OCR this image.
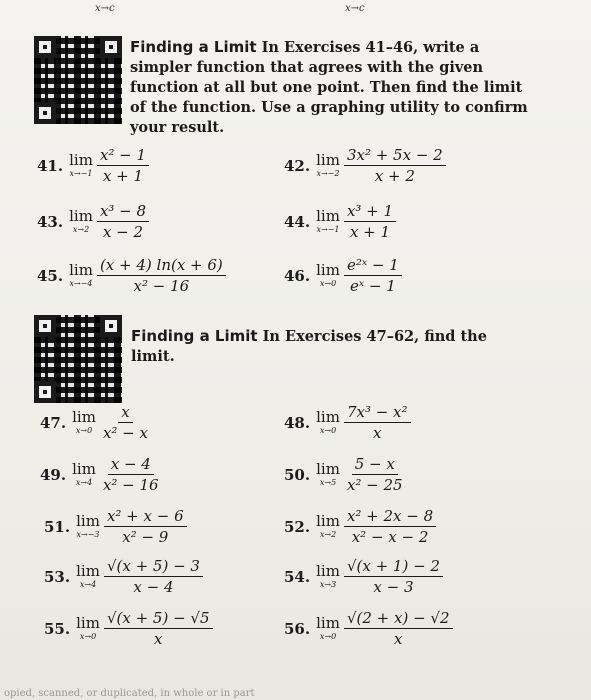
x→c	x→c
Finding a Limit In Exercises 41–46, write a simpler function that agrees with the given function at all but one point. Then find the limit of the function. Use a graphing utility to confirm your result.
Finding a Limit In Exercises 47–62, find the limit.
41. lim
$x\to-1 \frac{\text{x² − 1}}{x + 1}$	42. lim
$x\to-2 \frac{\text{3x² + 5x − 2}}{x + 2}$
43. lim
$x\to 2 \frac{\text{x³ − 8}}{x - 2}$	44. lim
$x\to-1 \frac{\text{x³ + 1}}{x + 1}$
45. lim
$x\to-4 \frac{(x + 4) \ln(x + 6)}{\text{x² − 16}}$	46. lim
$x\to 0 \frac{\text{e²ˣ − 1}}{\text{eˣ − 1}}$
47. lim
$x\to 0 \frac{x}{\text{x² − x}}$	48. lim
$x\to 0 \frac{\text{7x³ − x²}}{x}$
49. lim
$x\to 4 \frac{x - 4}{\text{x² − 16}}$	50. lim
$x\to 5 \frac{5 - x}{\text{x² − 25}}$
51. lim
$x\to-3 \frac{\text{x² + x − 6}}{\text{x² − 9}}$	52. lim
$x\to 2 \frac{\text{x² + 2x − 8}}{\text{x² − x − 2}}$
53. lim
$x\to 4 \frac{√(x + 5) - 3}{x - 4}$	54. lim
$x\to 3 \frac{√(x + 1) - 2}{x - 3}$
55. lim
$x\to 0 \frac{√(x + 5) - √5}{x}$	56. lim
$x\to 0 \frac{√(2 + x) - √2}{x}$
opied, scanned, or duplicated, in whole or in part
